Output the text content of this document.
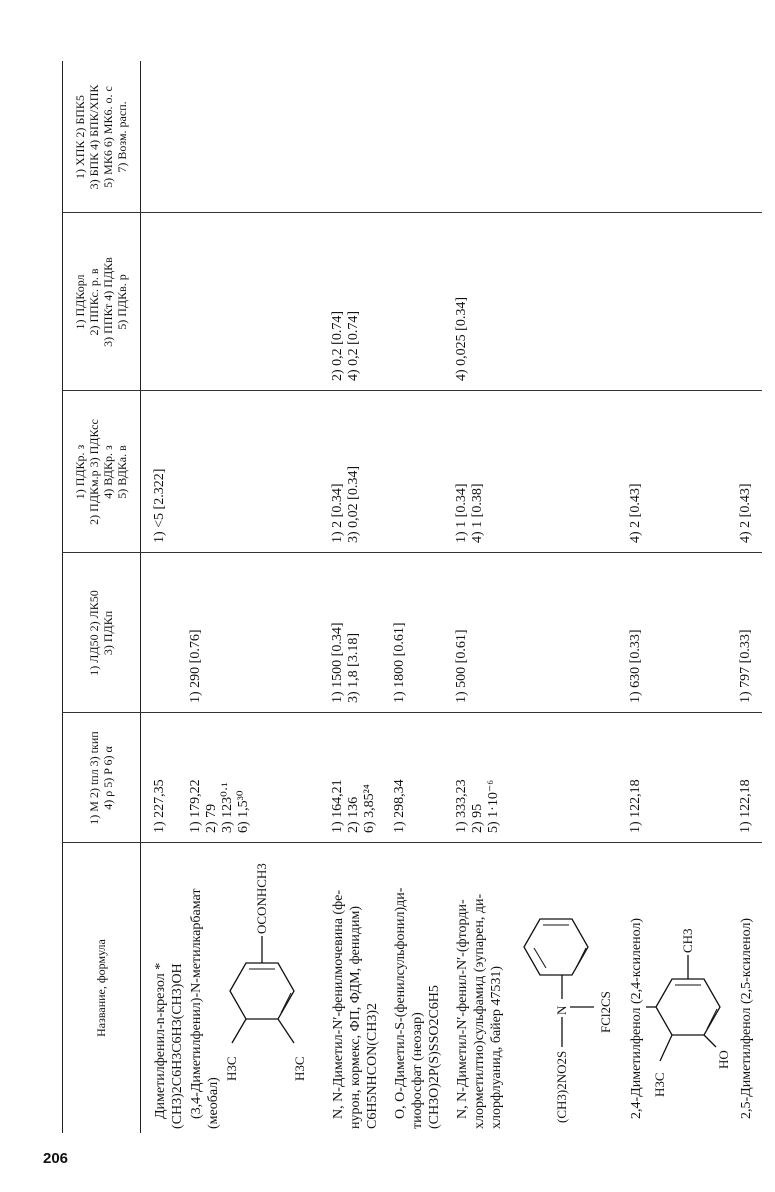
206
Название, формула
1) M 2) tпл 3) tкип 4) ρ 5) P 6) α
1) ЛД50 2) ЛК50 3) ПДКп
1) ПДКр. з 2) ПДКм.р 3) ПДКсс 4) ВДКр. з 5) ВДКа. в
1) ПДКорл 2) ППКс. р. в 3) ППКт 4) ПДКв 5) ПДКв. р
1) ХПК 2) БПК5 3) БПК 4) БПК/ХПК 5) МК6 6) МК6. о. с 7) Возм. расп.
Диметилфенил-n-крезол * (CH3)2C6H3C6H3(CH3)OH
1) 227,35
1) <5 [2.322]
(3,4-Диметилфенил)-N-метилкарбамат (меобал)
H3C	H3C
OCONHCH3
1) 179,22 2) 79 3) 123⁰·¹ 6) 1,5³⁰
1) 290 [0.76]
N, N-Диметил-N′-фенилмочевина (фе- нурон, кормекс, ФП, ФДМ, фенидим) C6H5NHCON(CH3)2
1) 164,21 2) 136 6) 3,85²⁴
1) 1500 [0.34] 3) 1,8 [3.18]
1) 2 [0.34] 3) 0,02 [0.34]
2) 0,2 [0.74] 4) 0,2 [0.74]
O, O-Диметил-S-(фенилсульфонил)ди- тиофосфат (неозар) (CH3O)2P(S)SSO2C6H5
1) 298,34
1) 1800 [0.61]
N, N-Диметил-N′-фенил-N′-(фторди- хлорметилтио)сульфамид (эупарен, ди- хлорфлуанид, байер 47531)	(CH3)2NO2S
N FCl2CS
1) 333,23 2) 95 5) 1·10⁻⁶
1) 500 [0.61]
1) 1 [0.34] 4) 1 [0.38]
4) 0,025 [0.34]
2,4-Диметилфенол (2,4-ксиленол) H3C
CH3
HO
1) 122,18
1) 630 [0.33]
4) 2 [0.43]
2,5-Диметилфенол (2,5-ксиленол)
1) 122,18
1) 797 [0.33]
4) 2 [0.43]
